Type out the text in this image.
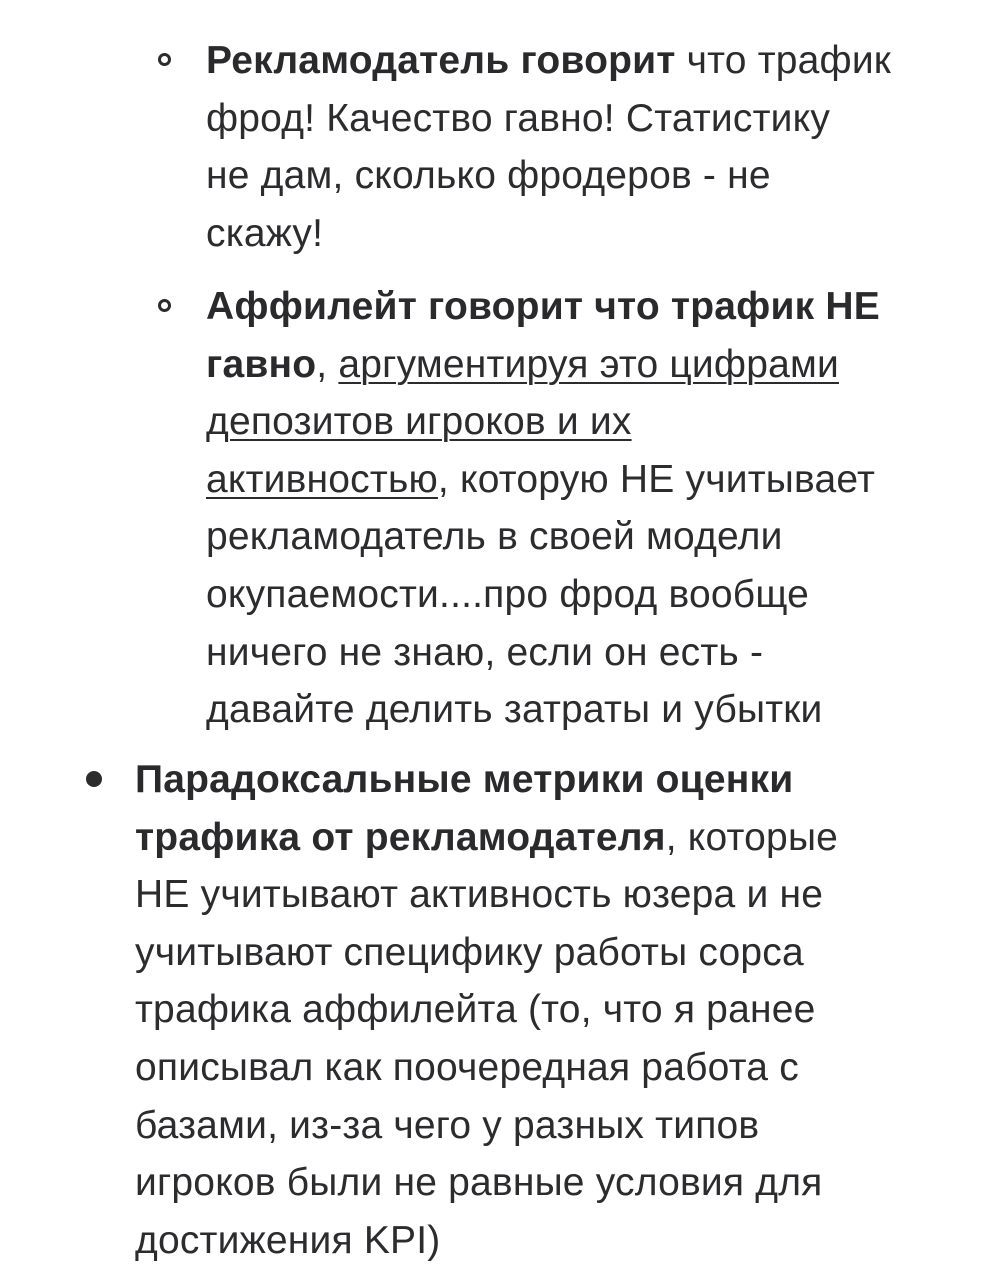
Рекламодатель говорит что трафик
фрод! Качество гавно! Статистику
не дам, сколько фродеров - не
скажу!
Аффилейт говорит что трафик НЕ
гавно, аргументируя это цифрами
депозитов игроков и их
активностью, которую НЕ учитывает
рекламодатель в своей модели
окупаемости....про фрод вообще
ничего не знаю, если он есть -
давайте делить затраты и убытки
Парадоксальные метрики оценки
трафика от рекламодателя, которые
НЕ учитывают активность юзера и не
учитывают специфику работы сорса
трафика аффилейта (то, что я ранее
описывал как поочередная работа с
базами, из-за чего у разных типов
игроков были не равные условия для
достижения KPI)
